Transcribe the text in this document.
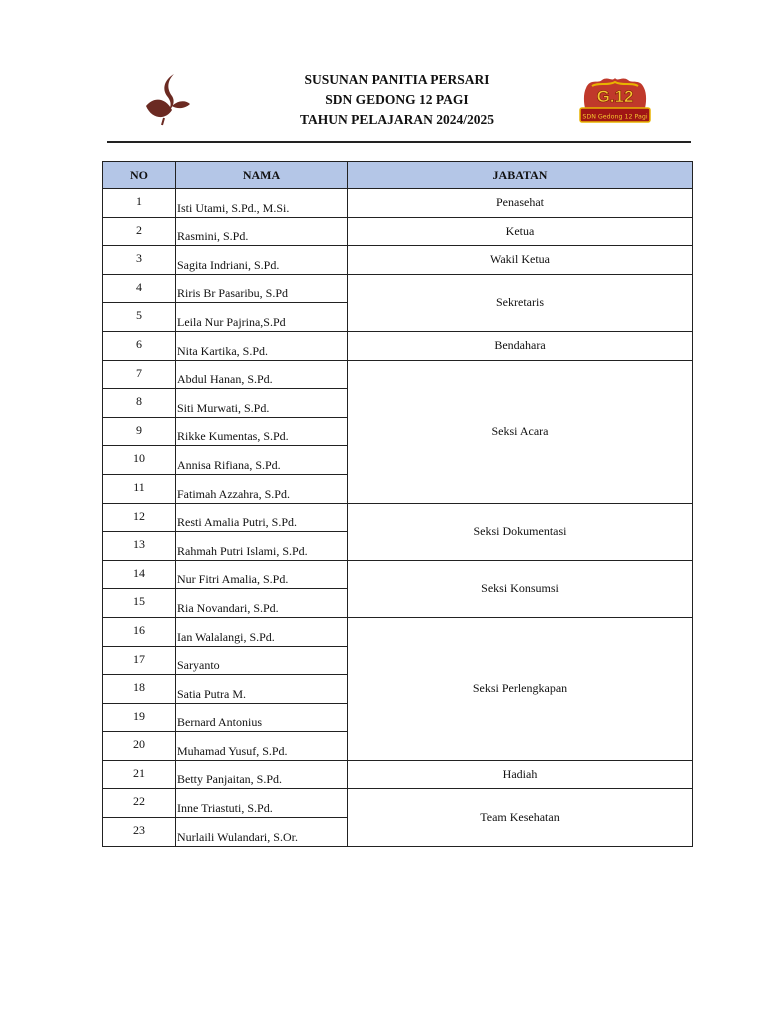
SUSUNAN PANITIA PERSARI
SDN GEDONG 12 PAGI
TAHUN PELAJARAN 2024/2025
G.12
SDN Gedong 12 Pagi
NO	NAMA	JABATAN
1	Isti Utami, S.Pd., M.Si.	Penasehat
2	Rasmini, S.Pd.	Ketua
3	Sagita Indriani, S.Pd.	Wakil Ketua
4	Riris Br Pasaribu, S.Pd	Sekretaris
5	Leila Nur Pajrina,S.Pd	
6	Nita Kartika, S.Pd.	Bendahara
7	Abdul Hanan, S.Pd.	Seksi Acara
8	Siti Murwati, S.Pd.	
9	Rikke Kumentas, S.Pd.	
10	Annisa Rifiana, S.Pd.	
11	Fatimah Azzahra, S.Pd.	
12	Resti Amalia Putri, S.Pd.	Seksi Dokumentasi
13	Rahmah Putri Islami, S.Pd.	
14	Nur Fitri Amalia, S.Pd.	Seksi Konsumsi
15	Ria Novandari, S.Pd.	
16	Ian Walalangi, S.Pd.	Seksi Perlengkapan
17	Saryanto	
18	Satia Putra M.	
19	Bernard Antonius	
20	Muhamad Yusuf, S.Pd.	
21	Betty Panjaitan, S.Pd.	Hadiah
22	Inne Triastuti, S.Pd.	Team Kesehatan
23	Nurlaili Wulandari, S.Or.	
